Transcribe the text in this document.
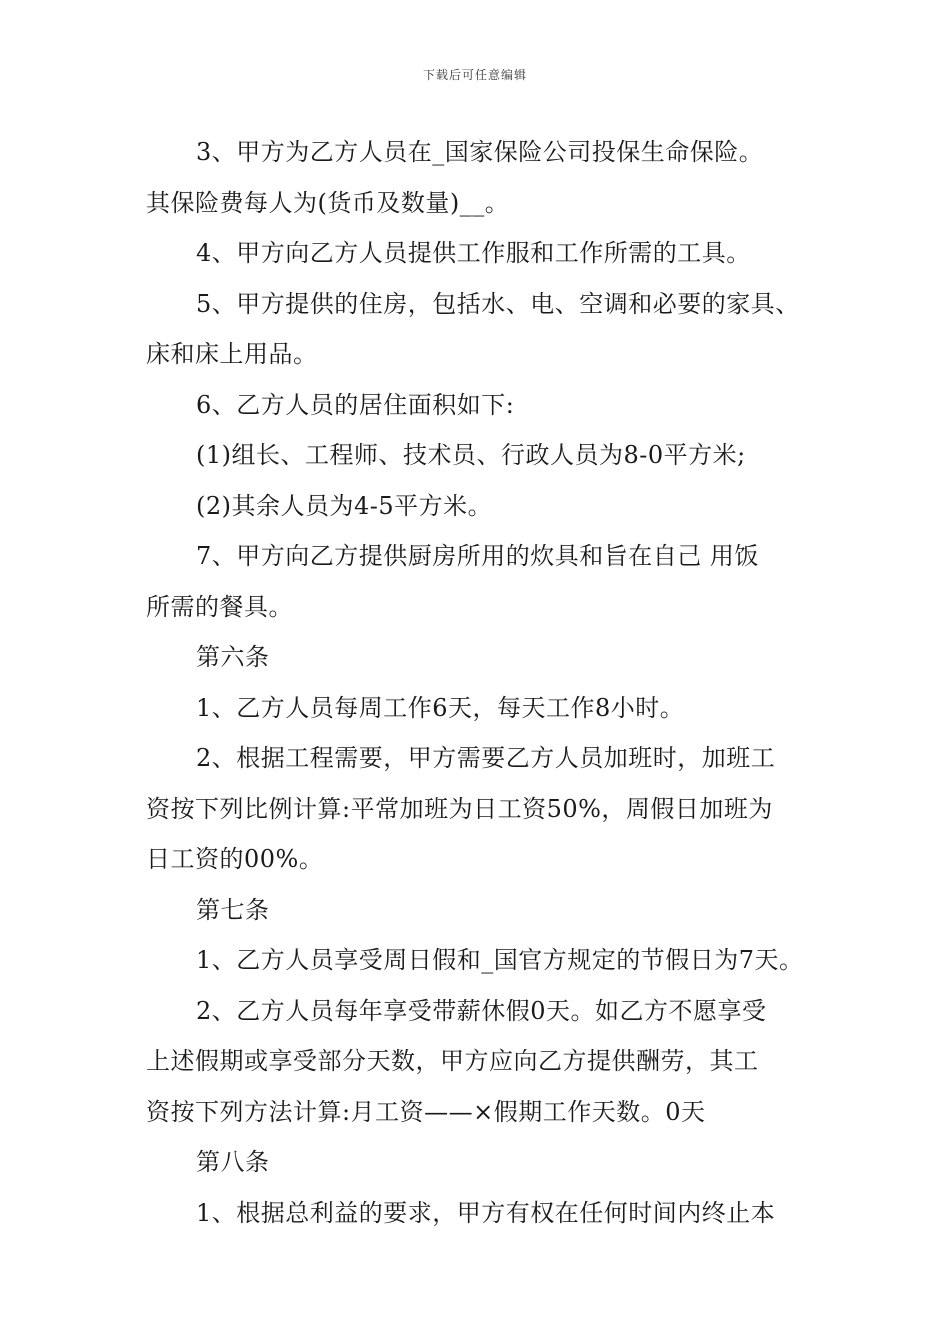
下载后可任意编辑
3、甲方为乙方人员在_国家保险公司投保生命保险。
其保险费每人为(货币及数量)__。
4、甲方向乙方人员提供工作服和工作所需的工具。
5、甲方提供的住房，包括水、电、空调和必要的家具、
床和床上用品。
6、乙方人员的居住面积如下:
(1)组长、工程师、技术员、行政人员为8-0平方米;
(2)其余人员为4-5平方米。
7、甲方向乙方提供厨房所用的炊具和旨在自己 用饭
所需的餐具。
第六条
1、乙方人员每周工作6天，每天工作8小时。
2、根据工程需要，甲方需要乙方人员加班时，加班工
资按下列比例计算:平常加班为日工资50%，周假日加班为
日工资的00%。
第七条
1、乙方人员享受周日假和_国官方规定的节假日为7天。
2、乙方人员每年享受带薪休假0天。如乙方不愿享受
上述假期或享受部分天数，甲方应向乙方提供酬劳，其工
资按下列方法计算:月工资——×假期工作天数。0天
第八条
1、根据总利益的要求，甲方有权在任何时间内终止本
